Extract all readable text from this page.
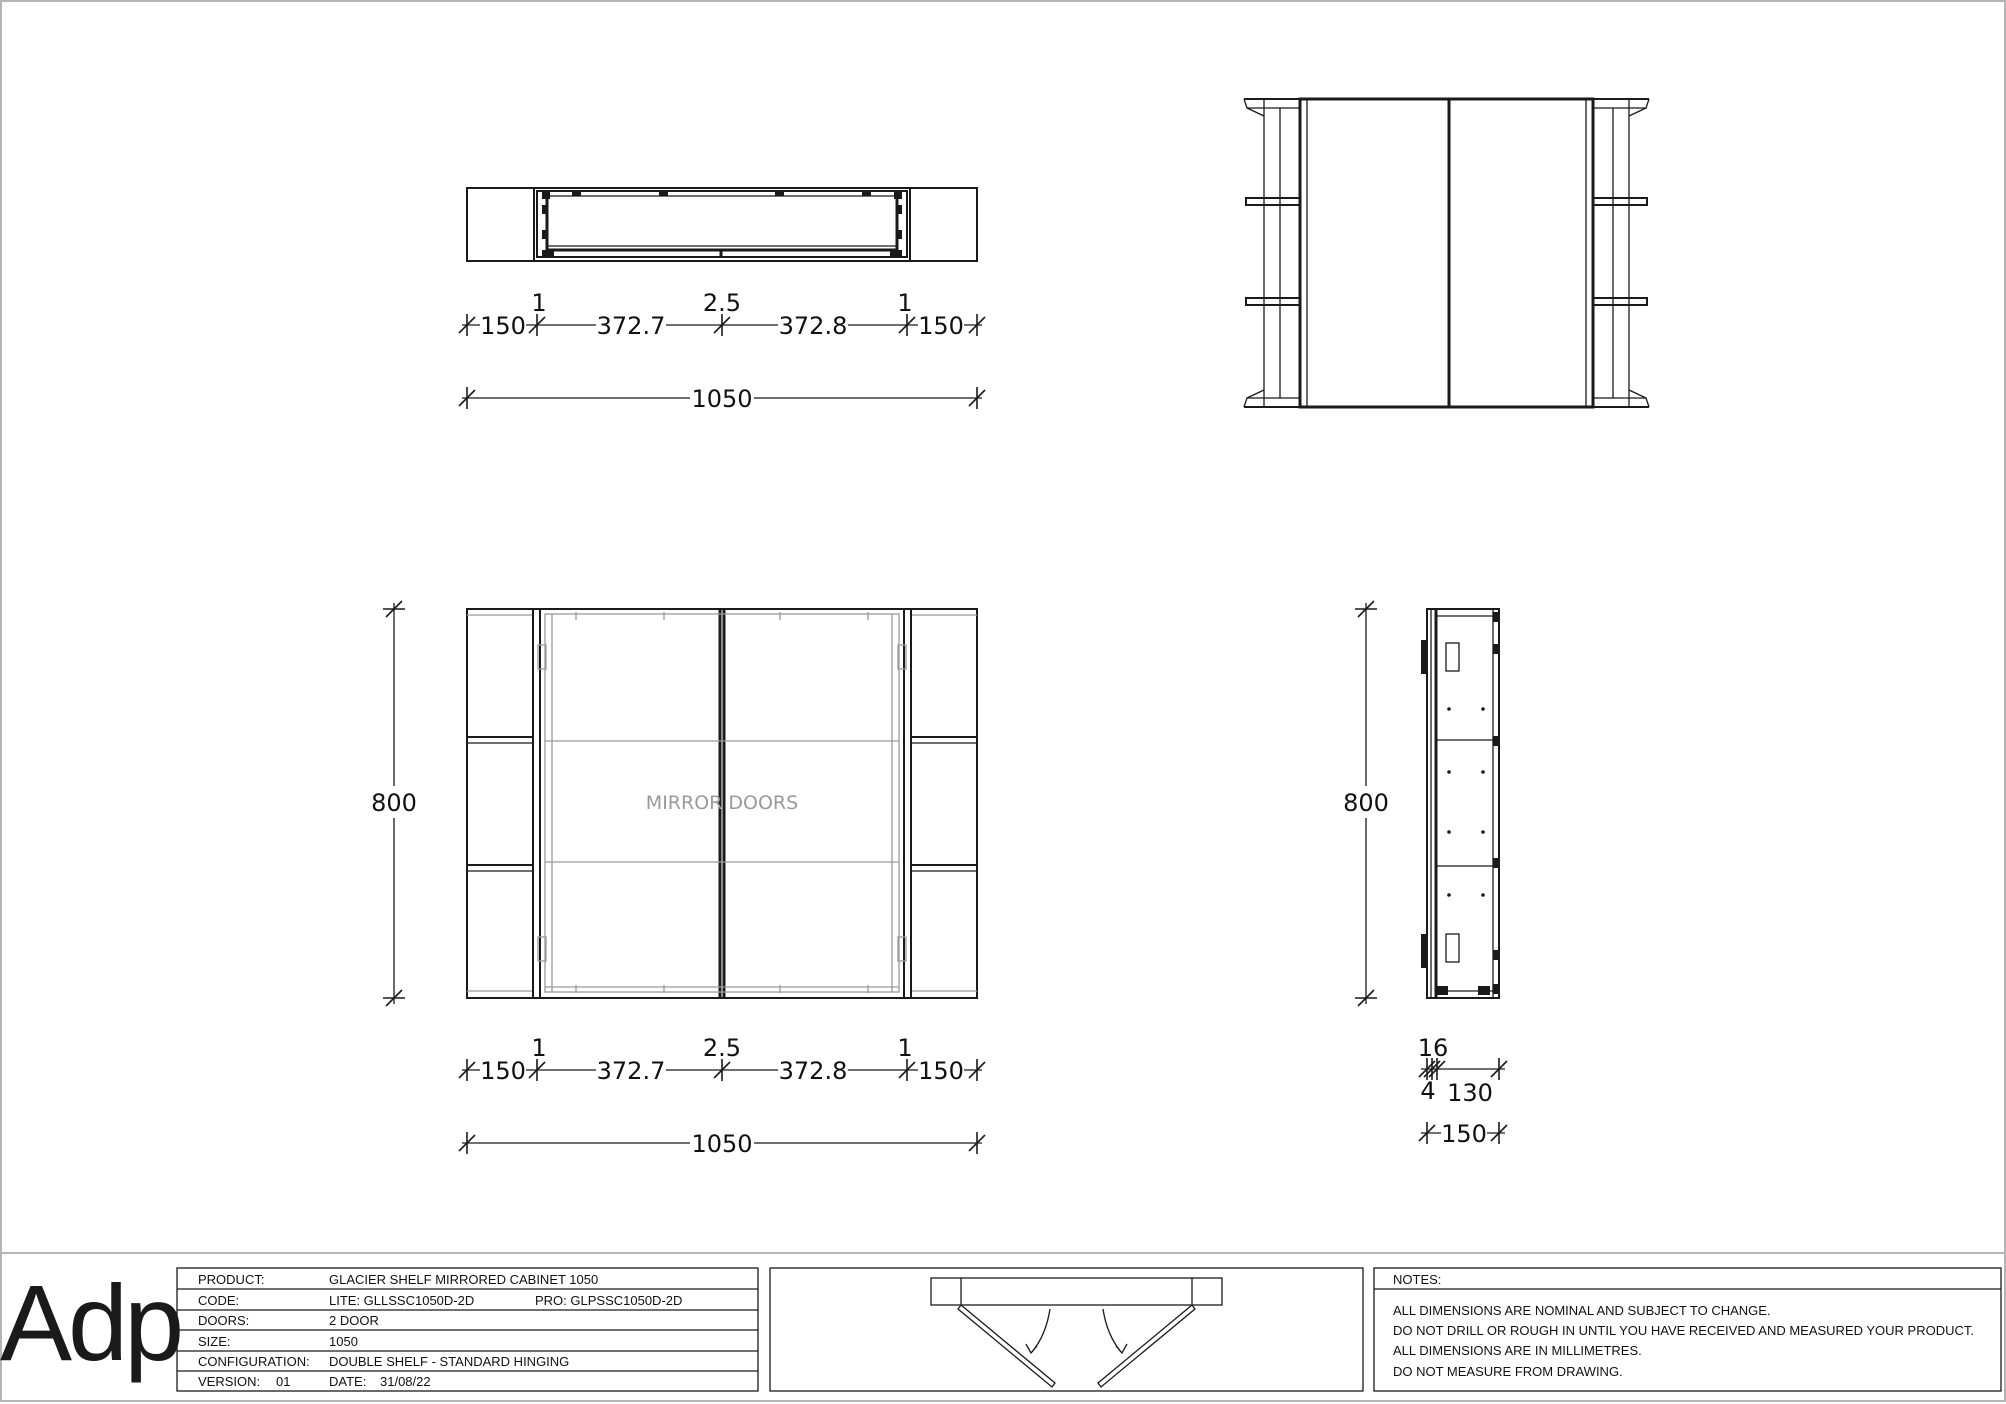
150	372.7	372.8	150
1	2.5	1
1050
MIRROR DOORS
800
150	372.7	372.8	150
1	2.5	1
1050
800
16
4 130
150
Adp PRODUCT:	GLACIER SHELF MIRRORED CABINET 1050
CODE:	LITE: GLLSSC1050D-2D	PRO: GLPSSC1050D-2D
DOORS:	2 DOOR
SIZE:	1050
CONFIGURATION: DOUBLE SHELF - STANDARD HINGING
VERSION: 01	DATE: 31/08/22
NOTES:
ALL DIMENSIONS ARE NOMINAL AND SUBJECT TO CHANGE.
DO NOT DRILL OR ROUGH IN UNTIL YOU HAVE RECEIVED AND MEASURED YOUR PRODUCT.
ALL DIMENSIONS ARE IN MILLIMETRES.
DO NOT MEASURE FROM DRAWING.
